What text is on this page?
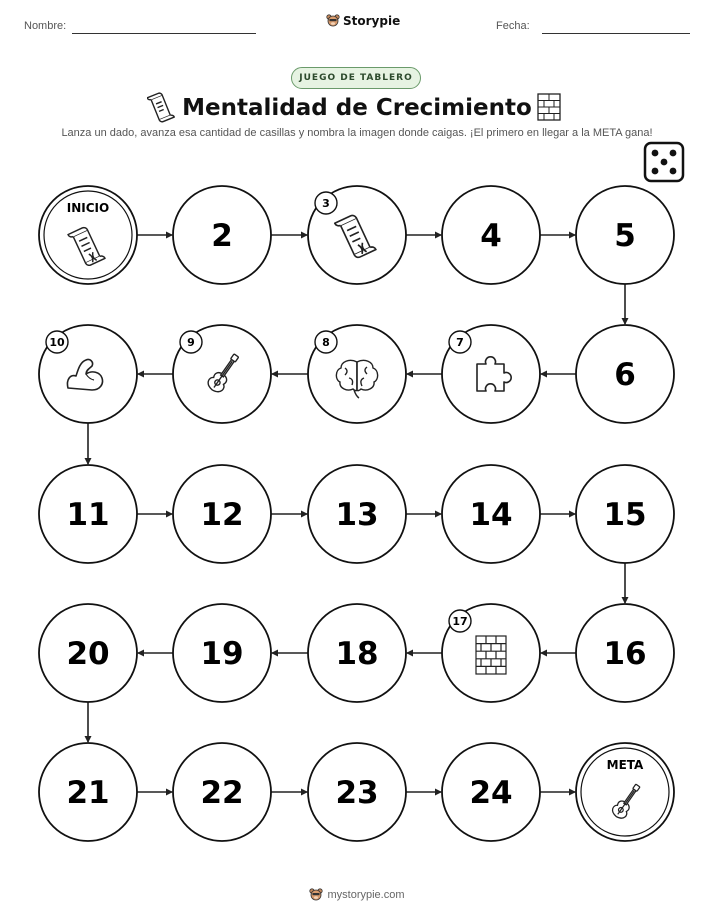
Nombre:	Storypie	Fecha:
JUEGO DE TABLERO
Mentalidad de Crecimiento
Lanza un dado, avanza esa cantidad de casillas y nombra la imagen donde caigas. ¡El primero en llegar a la META gana!
INICIO
2
3
4	5
6
7
8
9
10
11	12	13	14	15
16
17
18
19
20
21	22	23	24
META
mystorypie.com
